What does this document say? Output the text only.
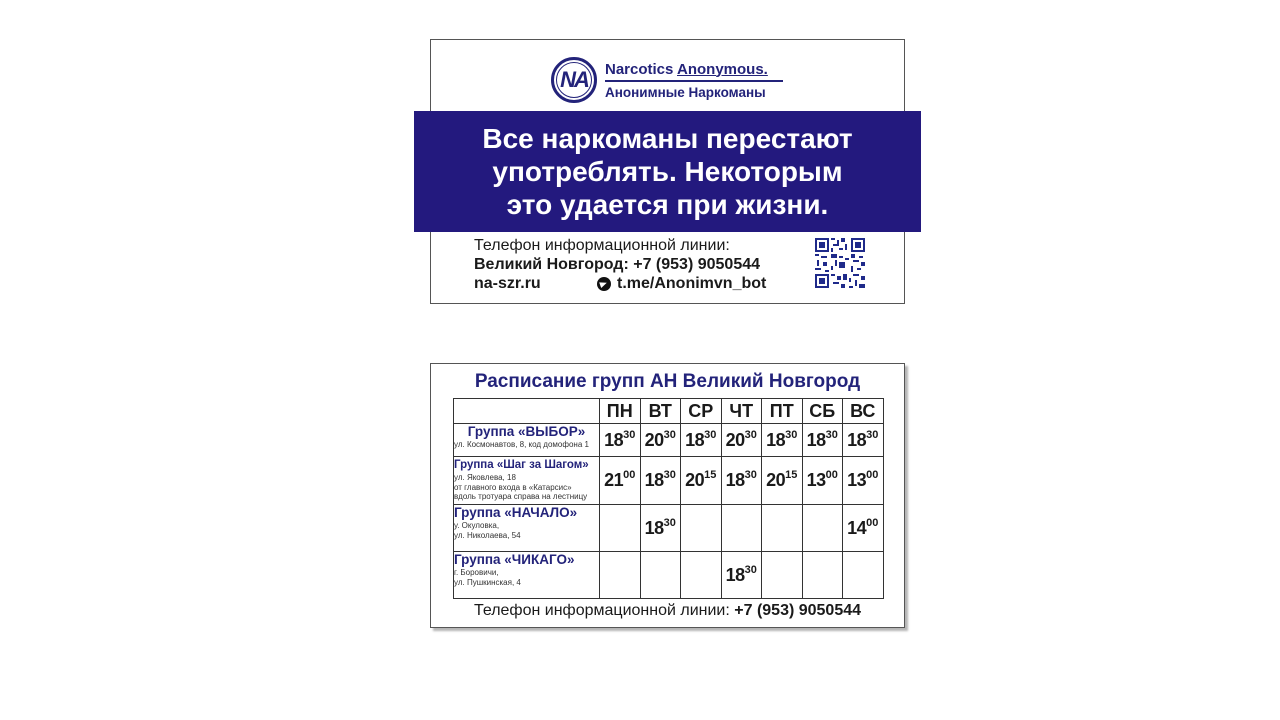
NA Narcotics Anonymous.
Анонимные Наркоманы
Телефон информационной линии:
Великий Новгород: +7 (953) 9050544
na-szr.ru	t.me/Anonimvn_bot
Все наркоманы перестают
употреблять. Некоторым
это удается при жизни.
Расписание групп АН Великий Новгород
	ПН	ВТ	СР	ЧТ	ПТ	СБ	ВС

Группа «ВЫБОР»
ул. Космонавтов, 8, код домофона 1	$18^{30}$	$20^{30}$	$18^{30}$	$20^{30}$	$18^{30}$	$18^{30}$	$18^{30}$

Группа «Шаг за Шагом»
ул. Яковлева, 18
от главного входа в «Катарсис»
вдоль тротуара справа на лестницу	$21^{00}$	$18^{30}$	$20^{15}$	$18^{30}$	$20^{15}$	$13^{00}$	$13^{00}$

Группа «НАЧАЛО»
у. Окуловка,
ул. Николаева, 54		$18^{30}$					$14^{00}$

Группа «ЧИКАГО»
г. Боровичи,
ул. Пушкинская, 4				$18^{30}$			
Телефон информационной линии: +7 (953) 9050544
